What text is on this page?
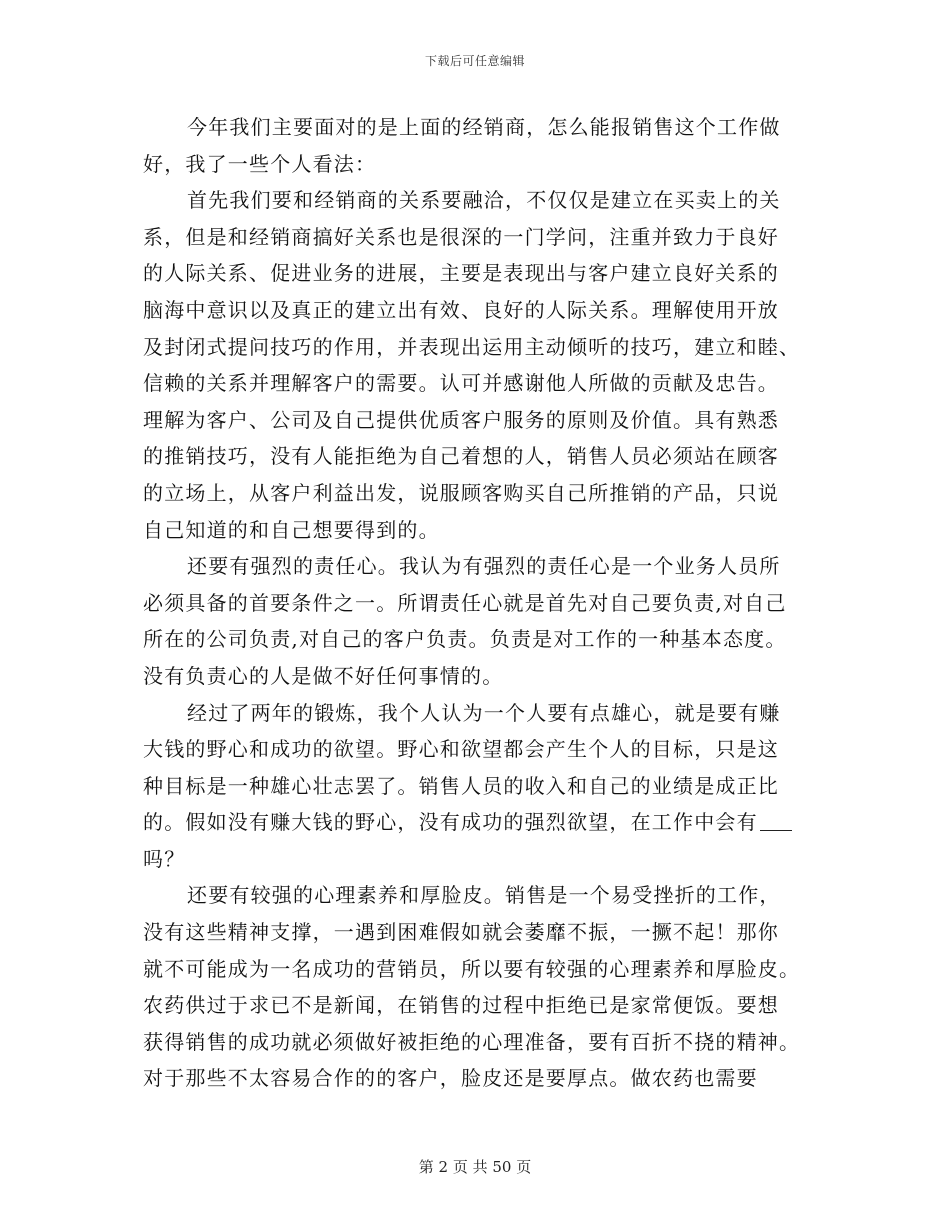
下载后可任意编辑

今年我们主要面对的是上面的经销商，怎么能报销售这个工作做
好，我了一些个人看法：

首先我们要和经销商的关系要融洽，不仅仅是建立在买卖上的关
系，但是和经销商搞好关系也是很深的一门学问，注重并致力于良好
的人际关系、促进业务的进展，主要是表现出与客户建立良好关系的
脑海中意识以及真正的建立出有效、良好的人际关系。理解使用开放
及封闭式提问技巧的作用，并表现出运用主动倾听的技巧，建立和睦、
信赖的关系并理解客户的需要。认可并感谢他人所做的贡献及忠告。
理解为客户、公司及自己提供优质客户服务的原则及价值。具有熟悉
的推销技巧，没有人能拒绝为自己着想的人，销售人员必须站在顾客
的立场上，从客户利益出发，说服顾客购买自己所推销的产品，只说
自己知道的和自己想要得到的。

还要有强烈的责任心。我认为有强烈的责任心是一个业务人员所
必须具备的首要条件之一。所谓责任心就是首先对自己要负责,对自己
所在的公司负责,对自己的客户负责。负责是对工作的一种基本态度。
没有负责心的人是做不好任何事情的。

经过了两年的锻炼，我个人认为一个人要有点雄心，就是要有赚
大钱的野心和成功的欲望。野心和欲望都会产生个人的目标，只是这
种目标是一种雄心壮志罢了。销售人员的收入和自己的业绩是成正比
的。假如没有赚大钱的野心，没有成功的强烈欲望，在工作中会有
吗？

还要有较强的心理素养和厚脸皮。销售是一个易受挫折的工作，
没有这些精神支撑，一遇到困难假如就会萎靡不振，一撅不起！那你
就不可能成为一名成功的营销员，所以要有较强的心理素养和厚脸皮。
农药供过于求已不是新闻，在销售的过程中拒绝已是家常便饭。要想
获得销售的成功就必须做好被拒绝的心理准备，要有百折不挠的精神。
对于那些不太容易合作的的客户，脸皮还是要厚点。做农药也需要

第 2 页 共 50 页
